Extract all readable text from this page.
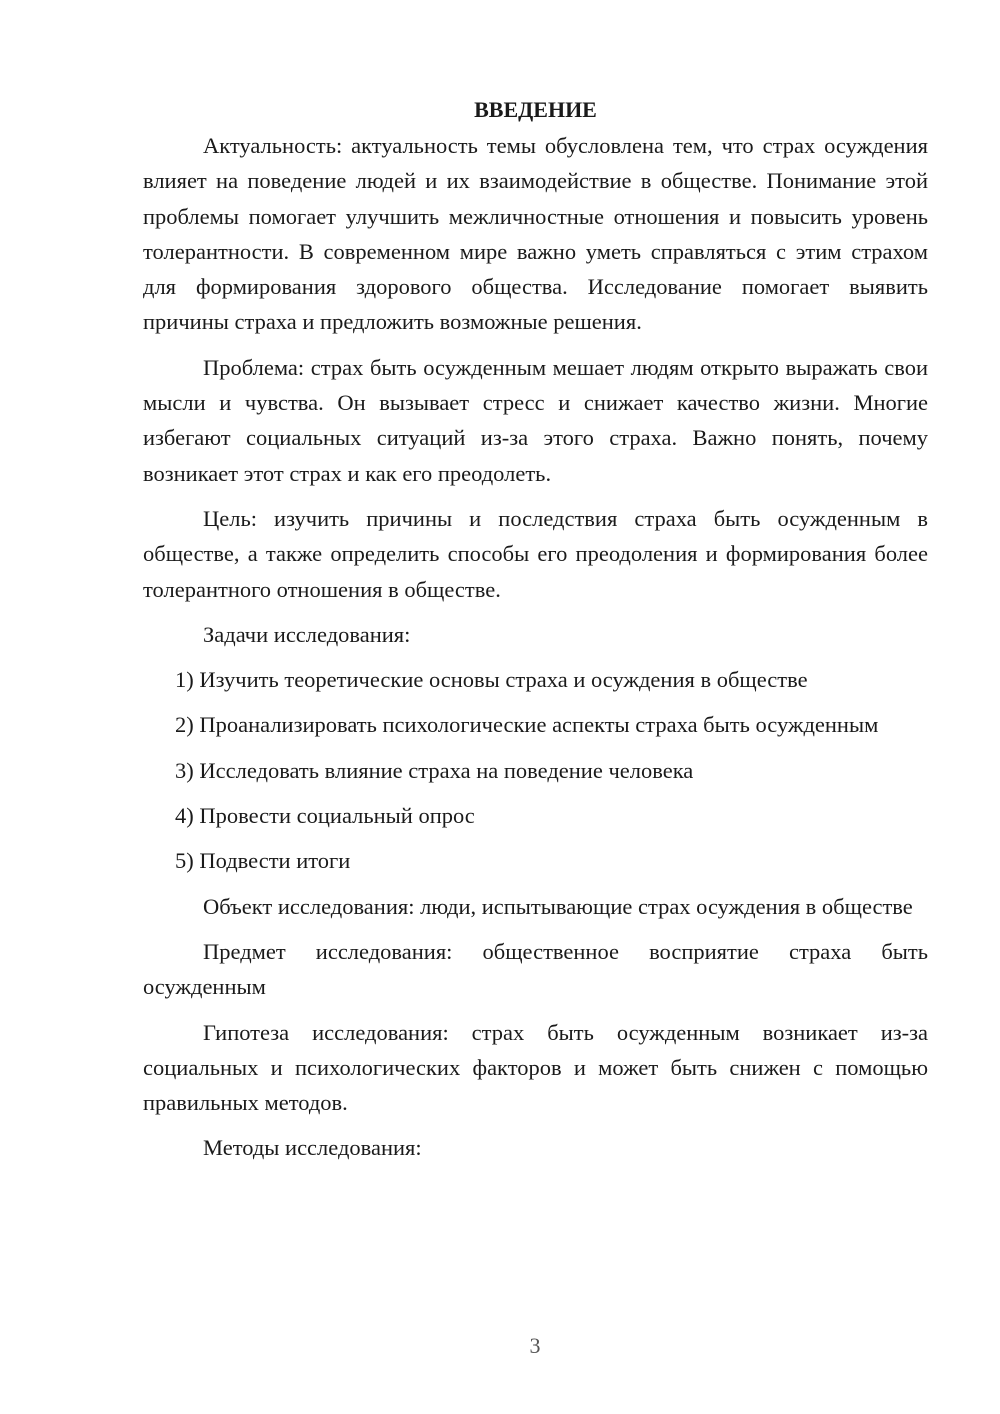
ВВЕДЕНИЕ

Актуальность: актуальность темы обусловлена тем, что страх осуждения влияет на поведение людей и их взаимодействие в обществе. Понимание этой проблемы помогает улучшить межличностные отношения и повысить уровень толерантности. В современном мире важно уметь справляться с этим страхом для формирования здорового общества. Исследование помогает выявить причины страха и предложить возможные решения.

Проблема: страх быть осужденным мешает людям открыто выражать свои мысли и чувства. Он вызывает стресс и снижает качество жизни. Многие избегают социальных ситуаций из-за этого страха. Важно понять, почему возникает этот страх и как его преодолеть.

Цель: изучить причины и последствия страха быть осужденным в обществе, а также определить способы его преодоления и формирования более толерантного отношения в обществе.

Задачи исследования:

1) Изучить теоретические основы страха и осуждения в обществе

2) Проанализировать психологические аспекты страха быть осужденным

3) Исследовать влияние страха на поведение человека

4) Провести социальный опрос

5) Подвести итоги

Объект исследования: люди, испытывающие страх осуждения в обществе

Предмет исследования: общественное восприятие страха быть осужденным

Гипотеза исследования: страх быть осужденным возникает из-за социальных и психологических факторов и может быть снижен с помощью правильных методов.

Методы исследования:

3
